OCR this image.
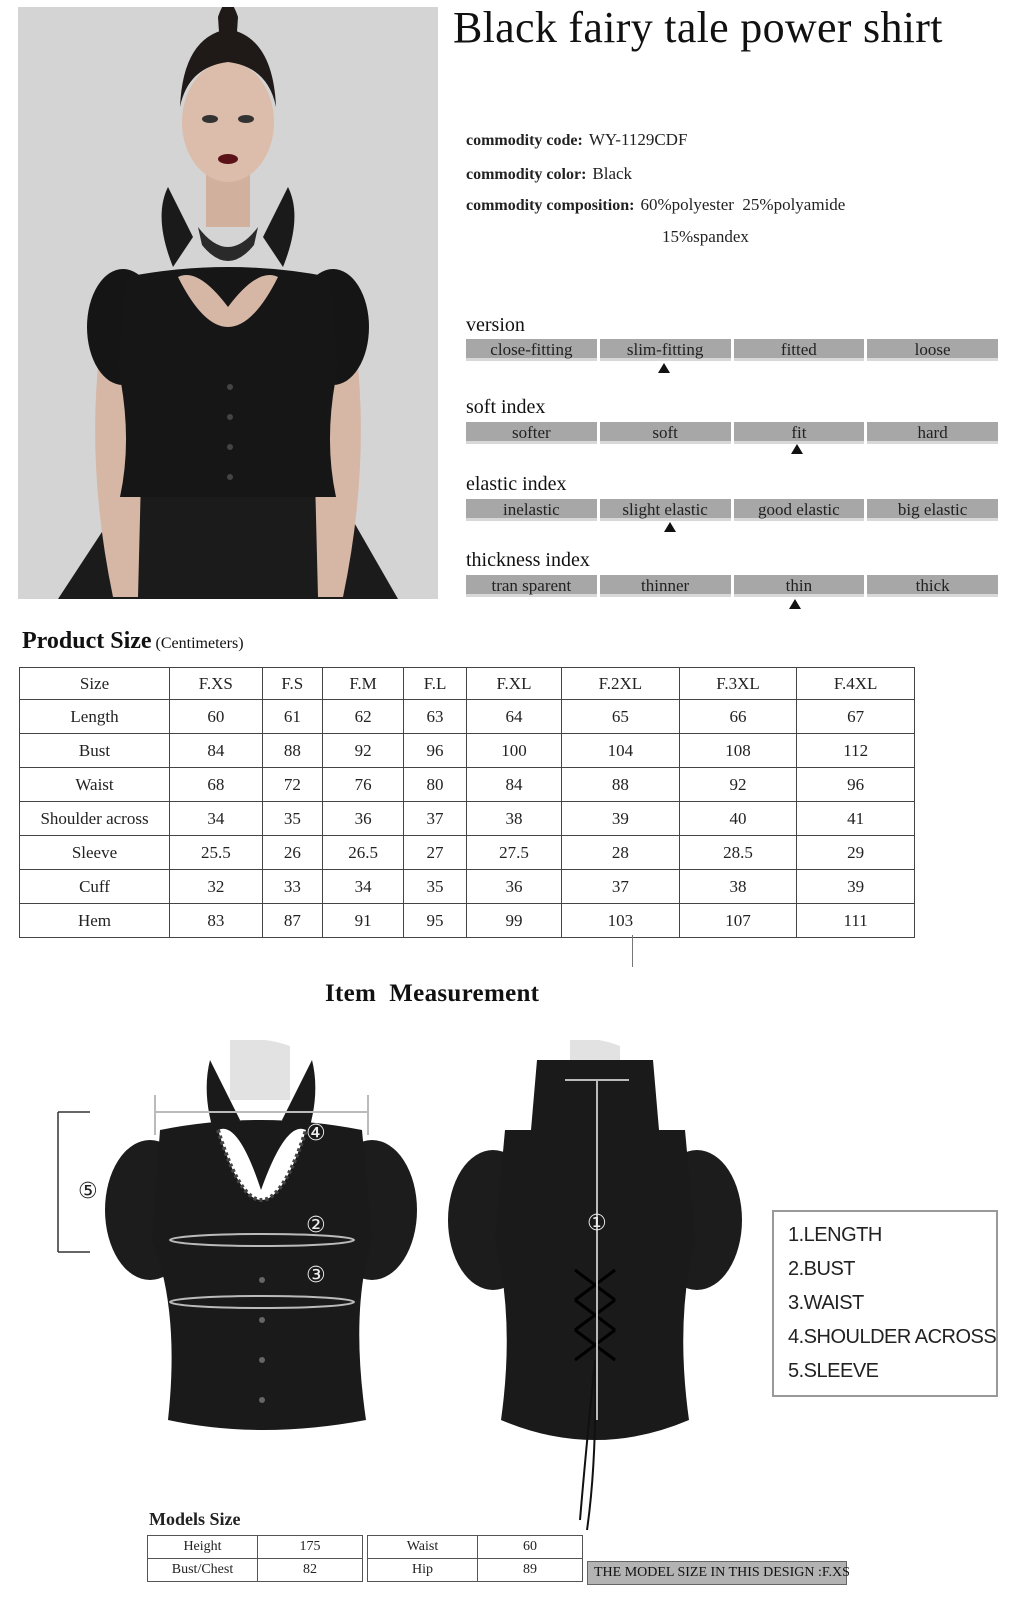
Black fairy tale power shirt
commodity code: WY-1129CDF
commodity color: Black
commodity composition: 60%polyester  25%polyamide
15%spandex
version
close-fitting	slim-fitting	fitted	loose
soft index
softer	soft	fit	hard
elastic index
inelastic	slight elastic	good elastic	big elastic
thickness index
tran sparent	thinner	thin	thick
Product Size (Centimeters)
Size	F.XS	F.S	F.M	F.L	F.XL	F.2XL	F.3XL	F.4XL
Length	60	61	62	63	64	65	66	67
Bust	84	88	92	96	100	104	108	112
Waist	68	72	76	80	84	88	92	96
Shoulder across	34	35	36	37	38	39	40	41
Sleeve	25.5	26	26.5	27	27.5	28	28.5	29
Cuff	32	33	34	35	36	37	38	39
Hem	83	87	91	95	99	103	107	111
Item  Measurement
⑤
④
②
③
①	1.LENGTH
2.BUST
3.WAIST
4.SHOULDER ACROSS
5.SLEEVE
Models Size
Height	175
Bust/Chest	82
Waist	60
Hip	89	THE MODEL SIZE IN THIS DESIGN :F.XS
